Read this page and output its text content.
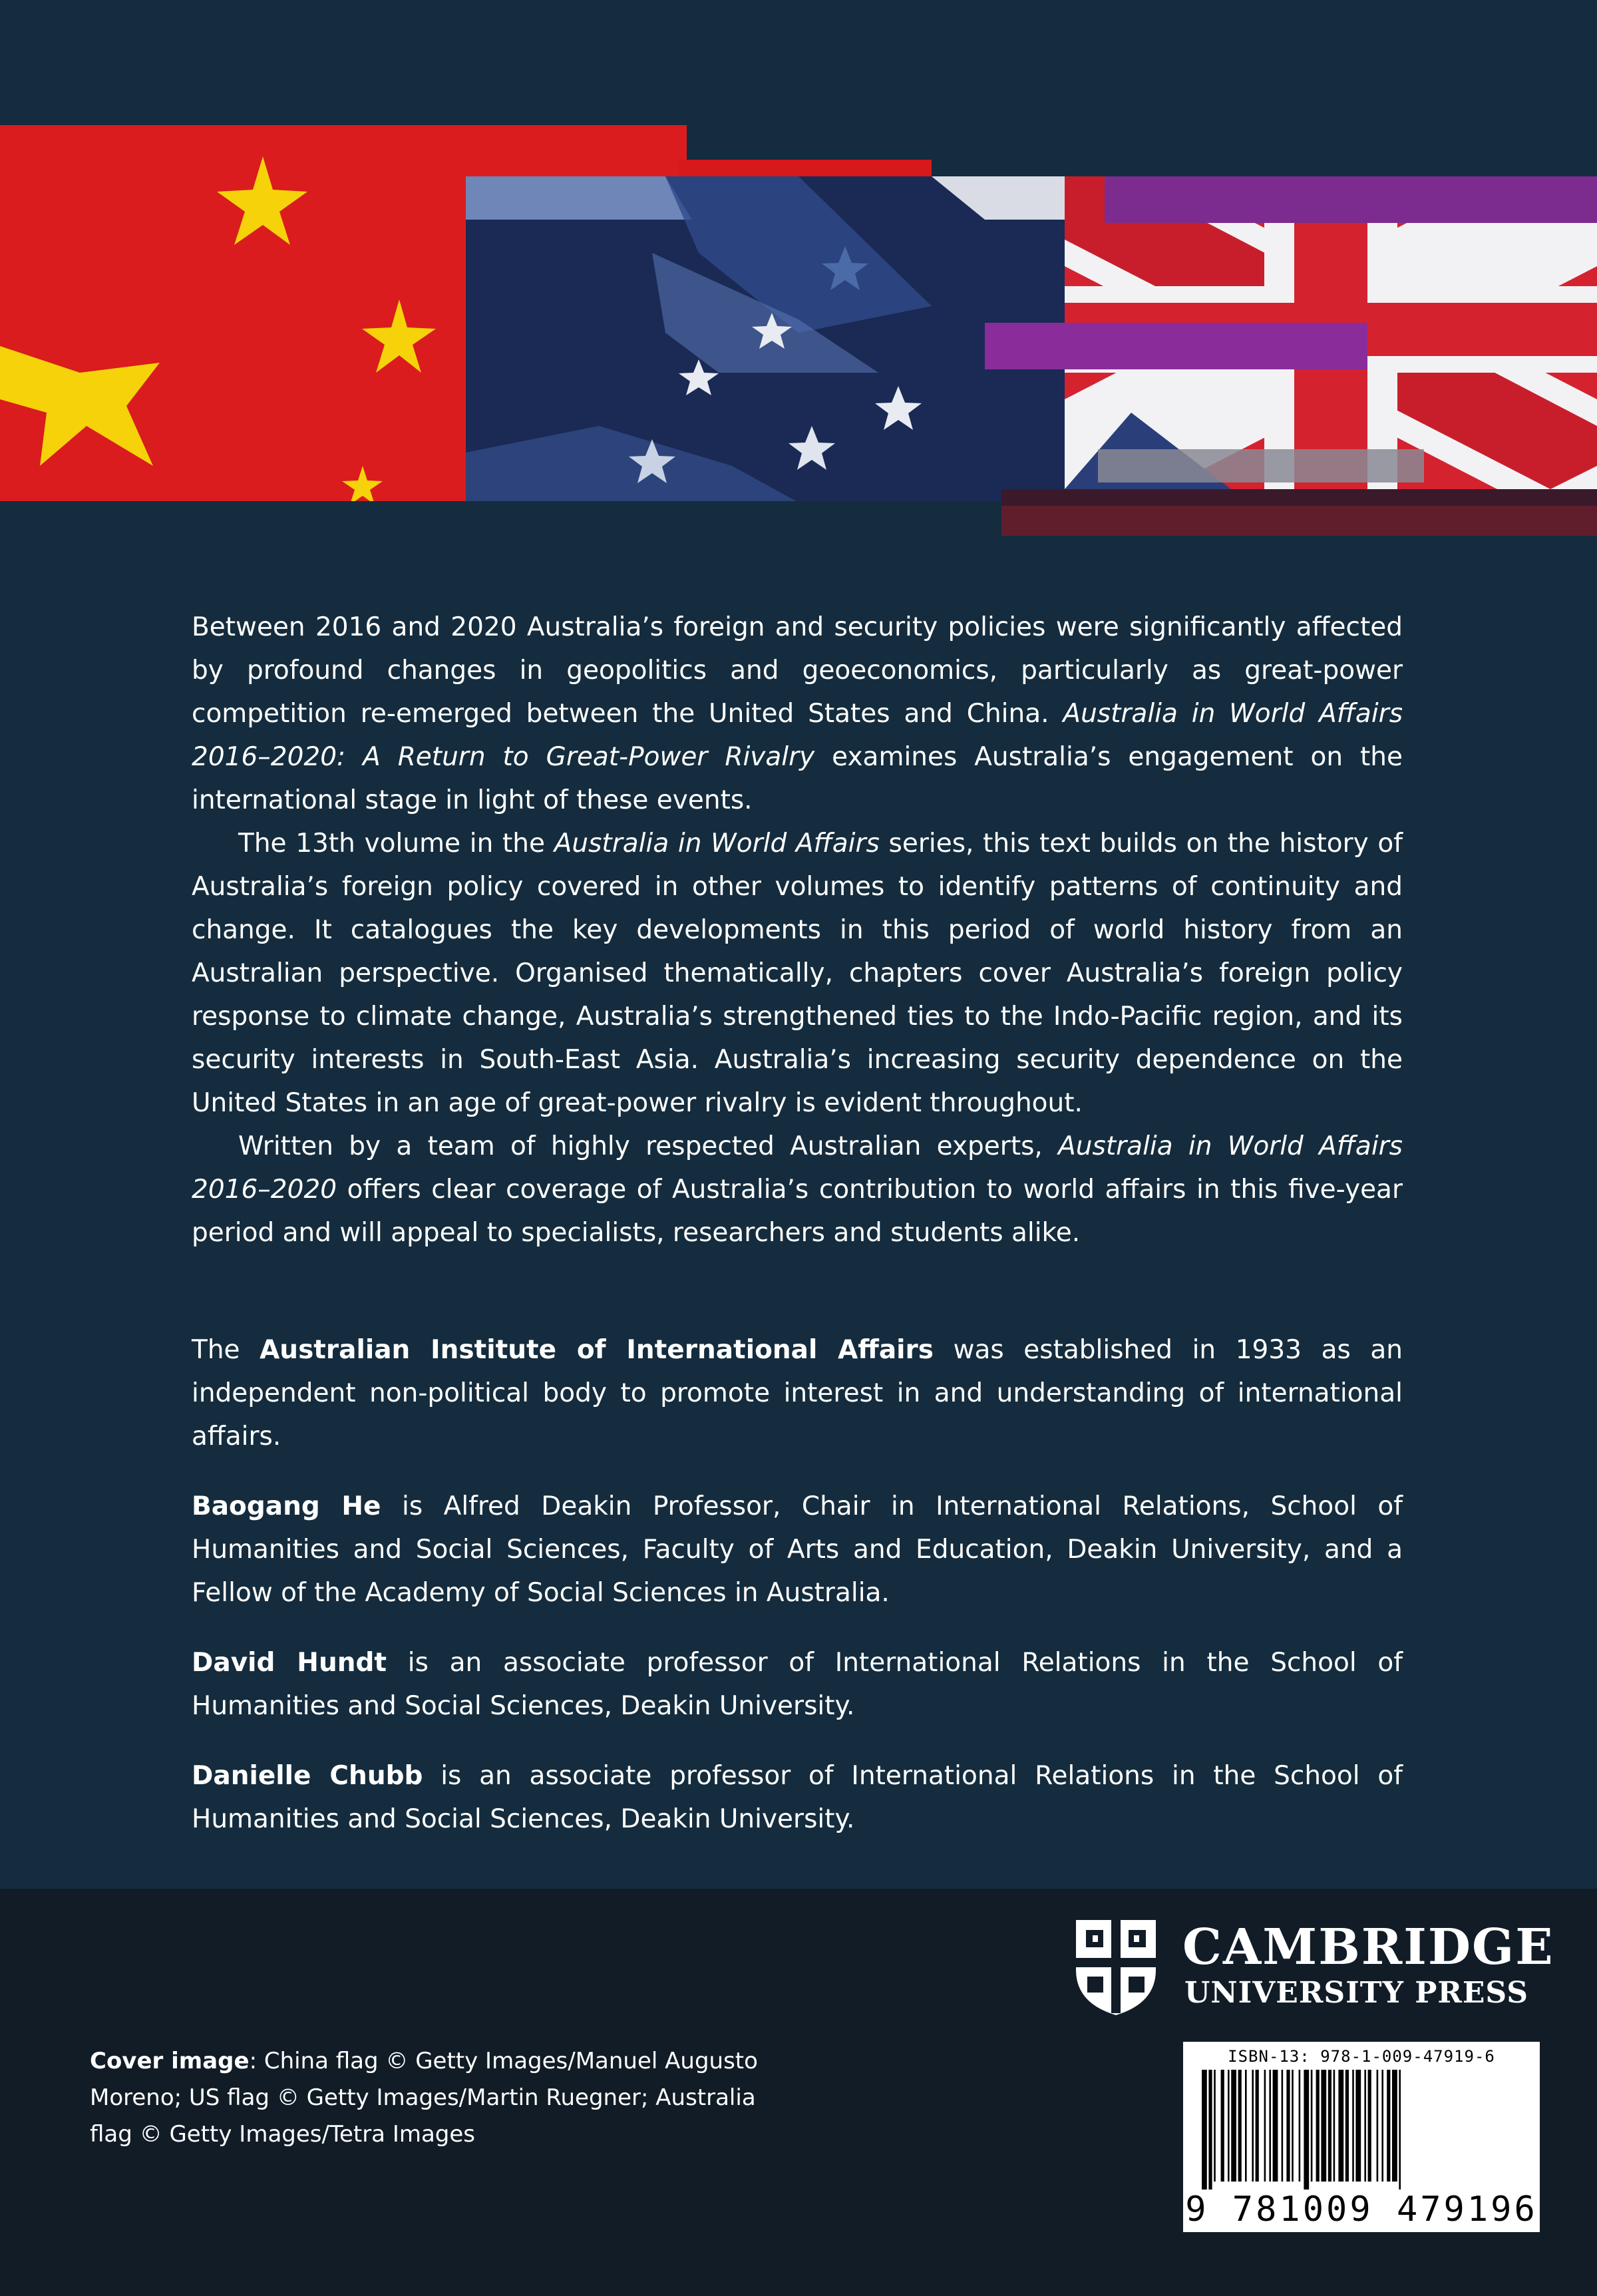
Between 2016 and 2020 Australia’s foreign and security policies were significantly affected by profound changes in geopolitics and geoeconomics, particularly as great-power competition re-emerged between the United States and China. Australia in World Affairs 2016–2020: A Return to Great-Power Rivalry examines Australia’s engagement on the international stage in light of these events.

The 13th volume in the Australia in World Affairs series, this text builds on the history of Australia’s foreign policy covered in other volumes to identify patterns of continuity and change. It catalogues the key developments in this period of world history from an Australian perspective. Organised thematically, chapters cover Australia’s foreign policy response to climate change, Australia’s strengthened ties to the Indo-Pacific region, and its security interests in South-East Asia. Australia’s increasing security dependence on the United States in an age of great-power rivalry is evident throughout.

Written by a team of highly respected Australian experts, Australia in World Affairs 2016–2020 offers clear coverage of Australia’s contribution to world affairs in this five-year period and will appeal to specialists, researchers and students alike.

The Australian Institute of International Affairs was established in 1933 as an independent non-political body to promote interest in and understanding of international affairs.

Baogang He is Alfred Deakin Professor, Chair in International Relations, School of Humanities and Social Sciences, Faculty of Arts and Education, Deakin University, and a Fellow of the Academy of Social Sciences in Australia.

David Hundt is an associate professor of International Relations in the School of Humanities and Social Sciences, Deakin University.

Danielle Chubb is an associate professor of International Relations in the School of Humanities and Social Sciences, Deakin University.

Cover image: China flag © Getty Images/Manuel Augusto Moreno; US flag © Getty Images/Martin Ruegner; Australia flag © Getty Images/Tetra Images
CAMBRIDGE
UNIVERSITY PRESS
ISBN-13: 978-1-009-47919-6
9 781009 479196
